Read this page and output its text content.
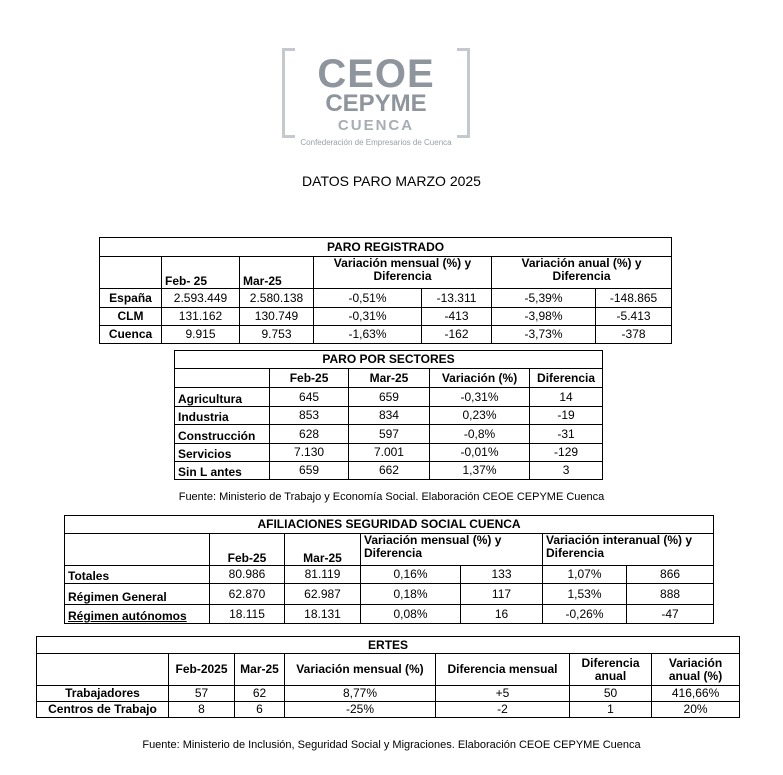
CEOE
CEPYME
CUENCA
Confederación de Empresarios de Cuenca
DATOS PARO MARZO 2025
PARO REGISTRADO						
	Feb- 25	Mar-25	Variación mensual (%) y Diferencia		Variación anual (%) y Diferencia	
España	2.593.449	2.580.138	-0,51%	-13.311	-5,39%	-148.865
CLM	131.162	130.749	-0,31%	-413	-3,98%	-5.413
Cuenca	9.915	9.753	-1,63%	-162	-3,73%	-378
PARO POR SECTORES				
	Feb-25	Mar-25	Variación (%)	Diferencia
Agricultura	645	659	-0,31%	14
Industria	853	834	0,23%	-19
Construcción	628	597	-0,8%	-31
Servicios	7.130	7.001	-0,01%	-129
Sin L antes	659	662	1,37%	3
Fuente: Ministerio de Trabajo y Economía Social. Elaboración CEOE CEPYME Cuenca
AFILIACIONES SEGURIDAD SOCIAL CUENCA						
	Feb-25	Mar-25	Variación mensual (%) y Diferencia		Variación interanual (%) y Diferencia	
Totales	80.986	81.119	0,16%	133	1,07%	866
Régimen General	62.870	62.987	0,18%	117	1,53%	888
Régimen autónomos	18.115	18.131	0,08%	16	-0,26%	-47
ERTES						
	Feb-2025	Mar-25	Variación mensual (%)	Diferencia mensual	Diferencia anual	Variación anual (%)
Trabajadores	57	62	8,77%	+5	50	416,66%
Centros de Trabajo	8	6	-25%	-2	1	20%
Fuente: Ministerio de Inclusión, Seguridad Social y Migraciones. Elaboración CEOE CEPYME Cuenca
